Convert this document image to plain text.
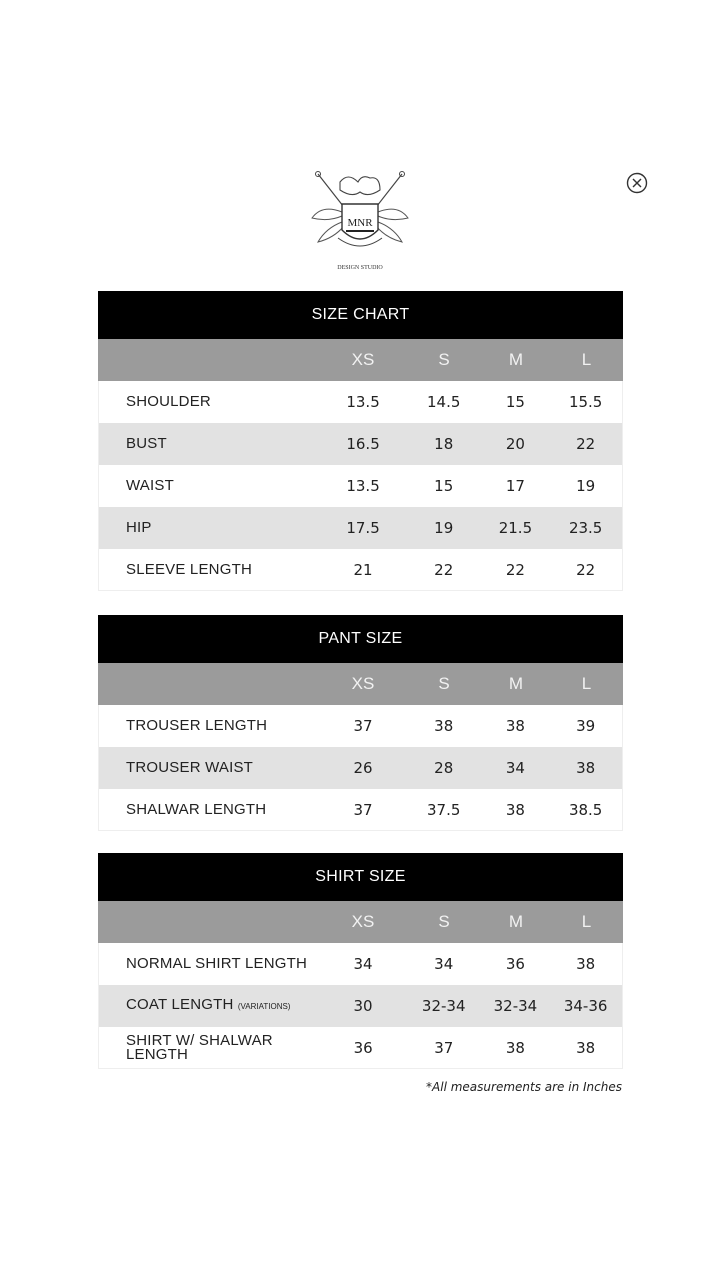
MNR
DESIGN STUDIO
SIZE CHART
XS	S	M	L
SHOULDER	13.5	14.5	15	15.5
BUST	16.5	18	20	22
WAIST	13.5	15	17	19
HIP	17.5	19	21.5	23.5
SLEEVE LENGTH	21	22	22	22
PANT SIZE
XS	S	M	L
TROUSER LENGTH	37	38	38	39
TROUSER WAIST	26	28	34	38
SHALWAR LENGTH	37	37.5	38	38.5
SHIRT SIZE
XS	S	M	L
NORMAL SHIRT LENGTH	34	34	36	38
COAT LENGTH (VARIATIONS)	30	32-34	32-34	34-36
SHIRT W/ SHALWAR LENGTH	36	37	38	38
*All measurements are in Inches
